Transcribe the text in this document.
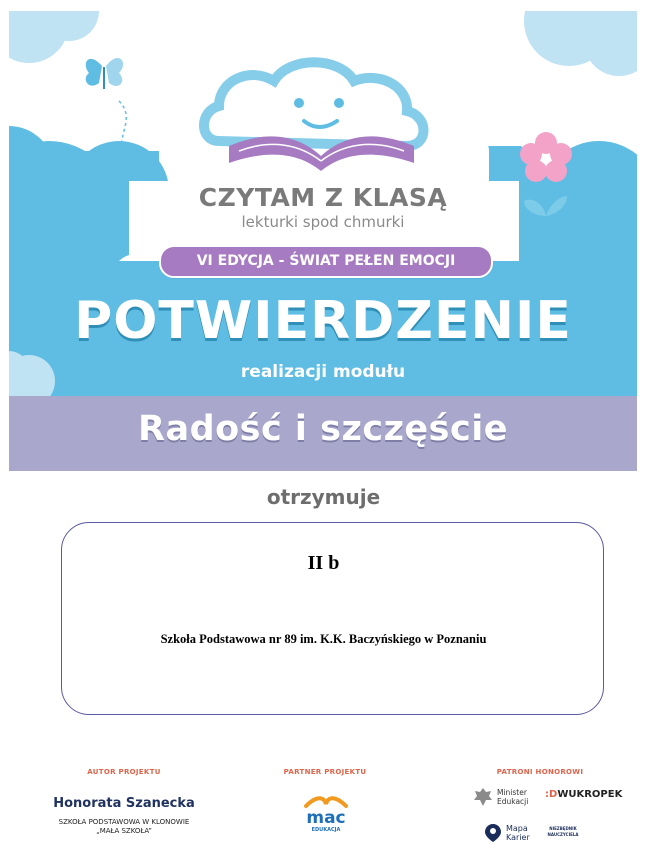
CZYTAM Z KLASĄ
lekturki spod chmurki
VI EDYCJA - ŚWIAT PEŁEN EMOCJI
POTWIERDZENIE
realizacji modułu
Radość i szczęście
otrzymuje
II b
Szkoła Podstawowa nr 89 im. K.K. Baczyńskiego w Poznaniu
AUTOR PROJEKTU
Honorata Szanecka
SZKOŁA PODSTAWOWA W KLONOWIE
„MAŁA SZKOŁA”
PARTNER PROJEKTU
mac
EDUKACJA
PATRONI HONOROWI
Minister
Edukacji
:DWUKROPEK
Mapa
Karier
NIEZBĘDNIK
NAUCZYCIELA
